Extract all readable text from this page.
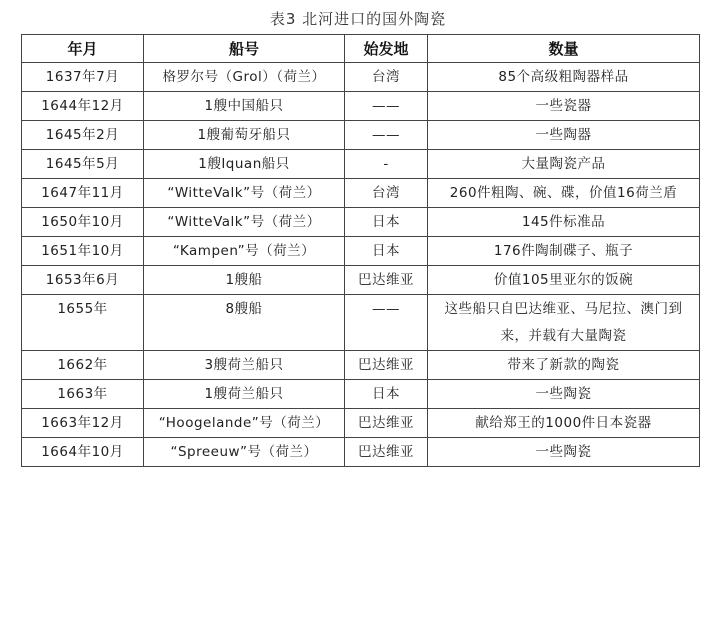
表3 北河进口的国外陶瓷
年月	船号	始发地	数量
1637年7月	格罗尔号（Grol）（荷兰）	台湾	85个高级粗陶器样品
1644年12月	1艘中国船只	——	一些瓷器
1645年2月	1艘葡萄牙船只	——	一些陶器
1645年5月	1艘Iquan船只	-	大量陶瓷产品
1647年11月	“WitteValk”号（荷兰）	台湾	260件粗陶、碗、碟，价值16荷兰盾
1650年10月	“WitteValk”号（荷兰）	日本	145件标准品
1651年10月	“Kampen”号（荷兰）	日本	176件陶制碟子、瓶子
1653年6月	1艘船	巴达维亚	价值105里亚尔的饭碗
1655年	8艘船	——	这些船只自巴达维亚、马尼拉、澳门到来，并载有大量陶瓷
1662年	3艘荷兰船只	巴达维亚	带来了新款的陶瓷
1663年	1艘荷兰船只	日本	一些陶瓷
1663年12月	“Hoogelande”号（荷兰）	巴达维亚	献给郑王的1000件日本瓷器
1664年10月	“Spreeuw”号（荷兰）	巴达维亚	一些陶瓷
